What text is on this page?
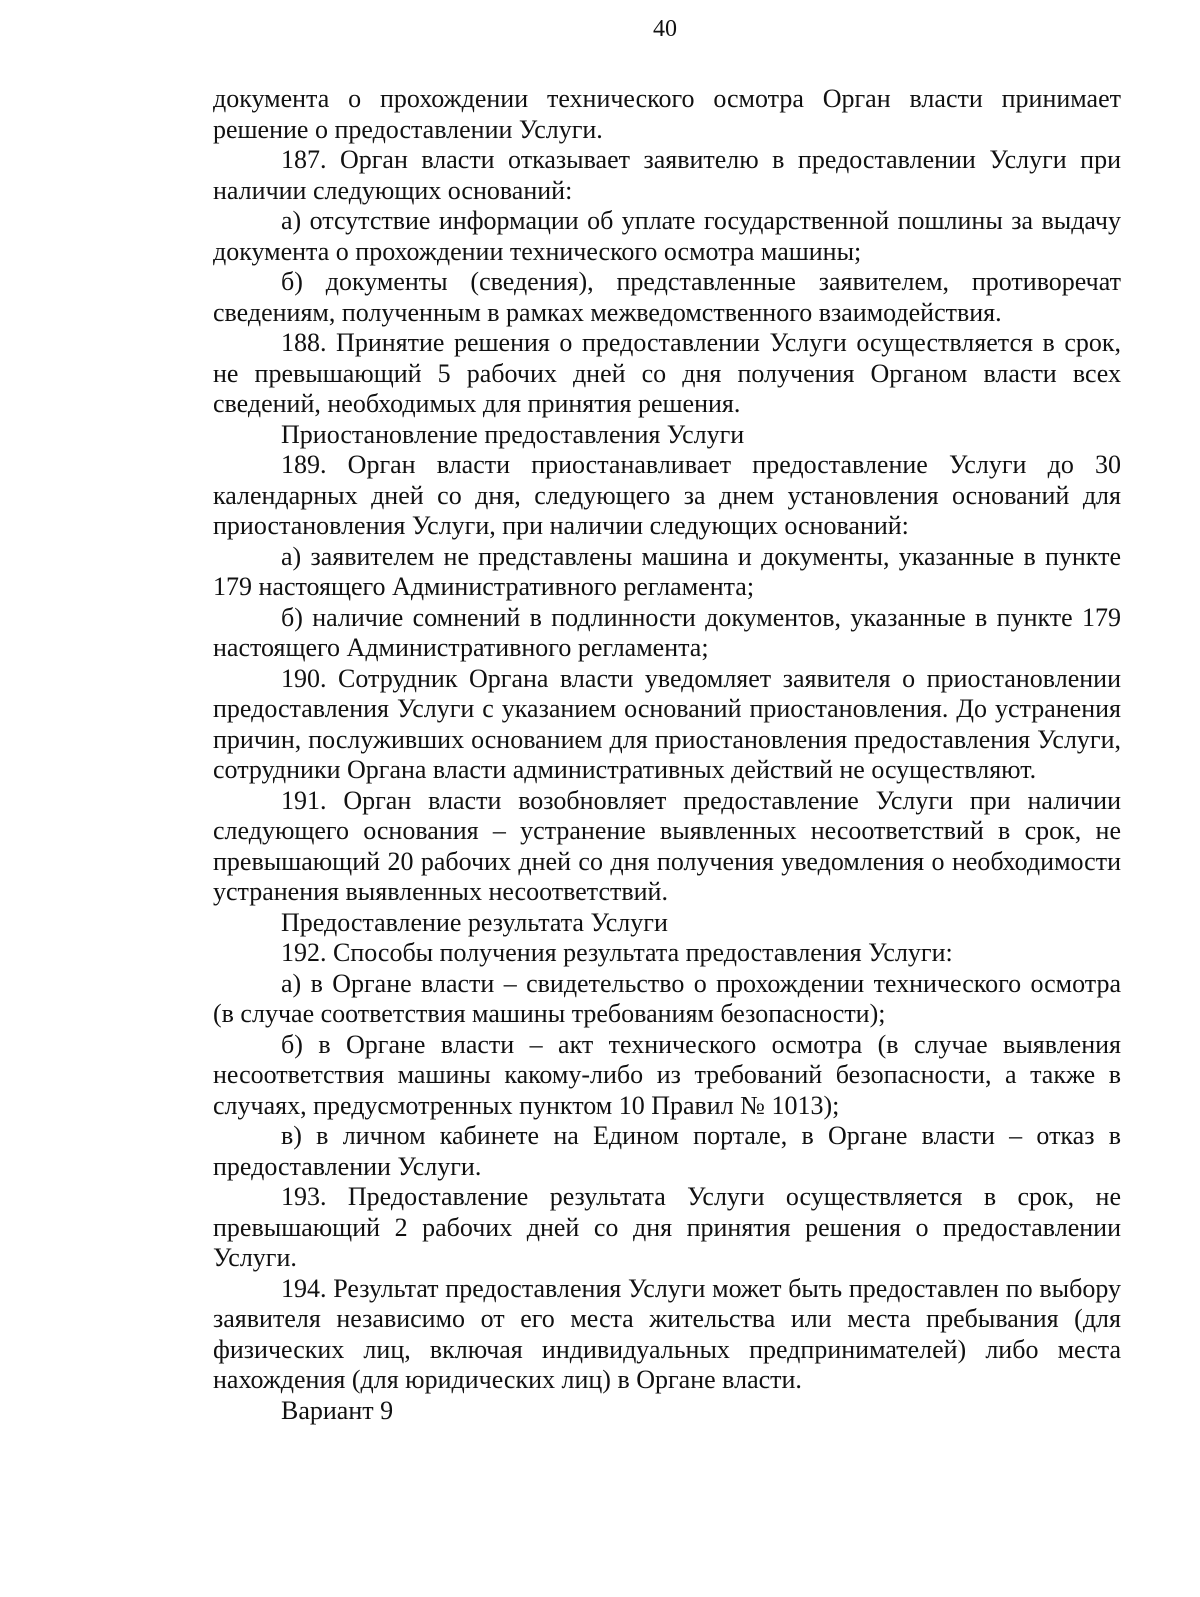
40

документа о прохождении технического осмотра Орган власти принимает решение о предоставлении Услуги.

187. Орган власти отказывает заявителю в предоставлении Услуги при наличии следующих оснований:

а) отсутствие информации об уплате государственной пошлины за выдачу документа о прохождении технического осмотра машины;

б) документы (сведения), представленные заявителем, противоречат сведениям, полученным в рамках межведомственного взаимодействия.

188. Принятие решения о предоставлении Услуги осуществляется в срок, не превышающий 5 рабочих дней со дня получения Органом власти всех сведений, необходимых для принятия решения.

Приостановление предоставления Услуги

189. Орган власти приостанавливает предоставление Услуги до 30 календарных дней со дня, следующего за днем установления оснований для приостановления Услуги, при наличии следующих оснований:

а) заявителем не представлены машина и документы, указанные в пункте 179 настоящего Административного регламента;

б) наличие сомнений в подлинности документов, указанные в пункте 179 настоящего Административного регламента;

190. Сотрудник Органа власти уведомляет заявителя о приостановлении предоставления Услуги с указанием оснований приостановления. До устранения причин, послуживших основанием для приостановления предоставления Услуги, сотрудники Органа власти административных действий не осуществляют.

191. Орган власти возобновляет предоставление Услуги при наличии следующего основания – устранение выявленных несоответствий в срок, не превышающий 20 рабочих дней со дня получения уведомления о необходимости устранения выявленных несоответствий.

Предоставление результата Услуги

192. Способы получения результата предоставления Услуги:

а) в Органе власти – свидетельство о прохождении технического осмотра (в случае соответствия машины требованиям безопасности);

б) в Органе власти – акт технического осмотра (в случае выявления несоответствия машины какому-либо из требований безопасности, а также в случаях, предусмотренных пунктом 10 Правил № 1013);

в) в личном кабинете на Едином портале, в Органе власти – отказ в предоставлении Услуги.

193. Предоставление результата Услуги осуществляется в срок, не превышающий 2 рабочих дней со дня принятия решения о предоставлении Услуги.

194. Результат предоставления Услуги может быть предоставлен по выбору заявителя независимо от его места жительства или места пребывания (для физических лиц, включая индивидуальных предпринимателей) либо места нахождения (для юридических лиц) в Органе власти.

Вариант 9
